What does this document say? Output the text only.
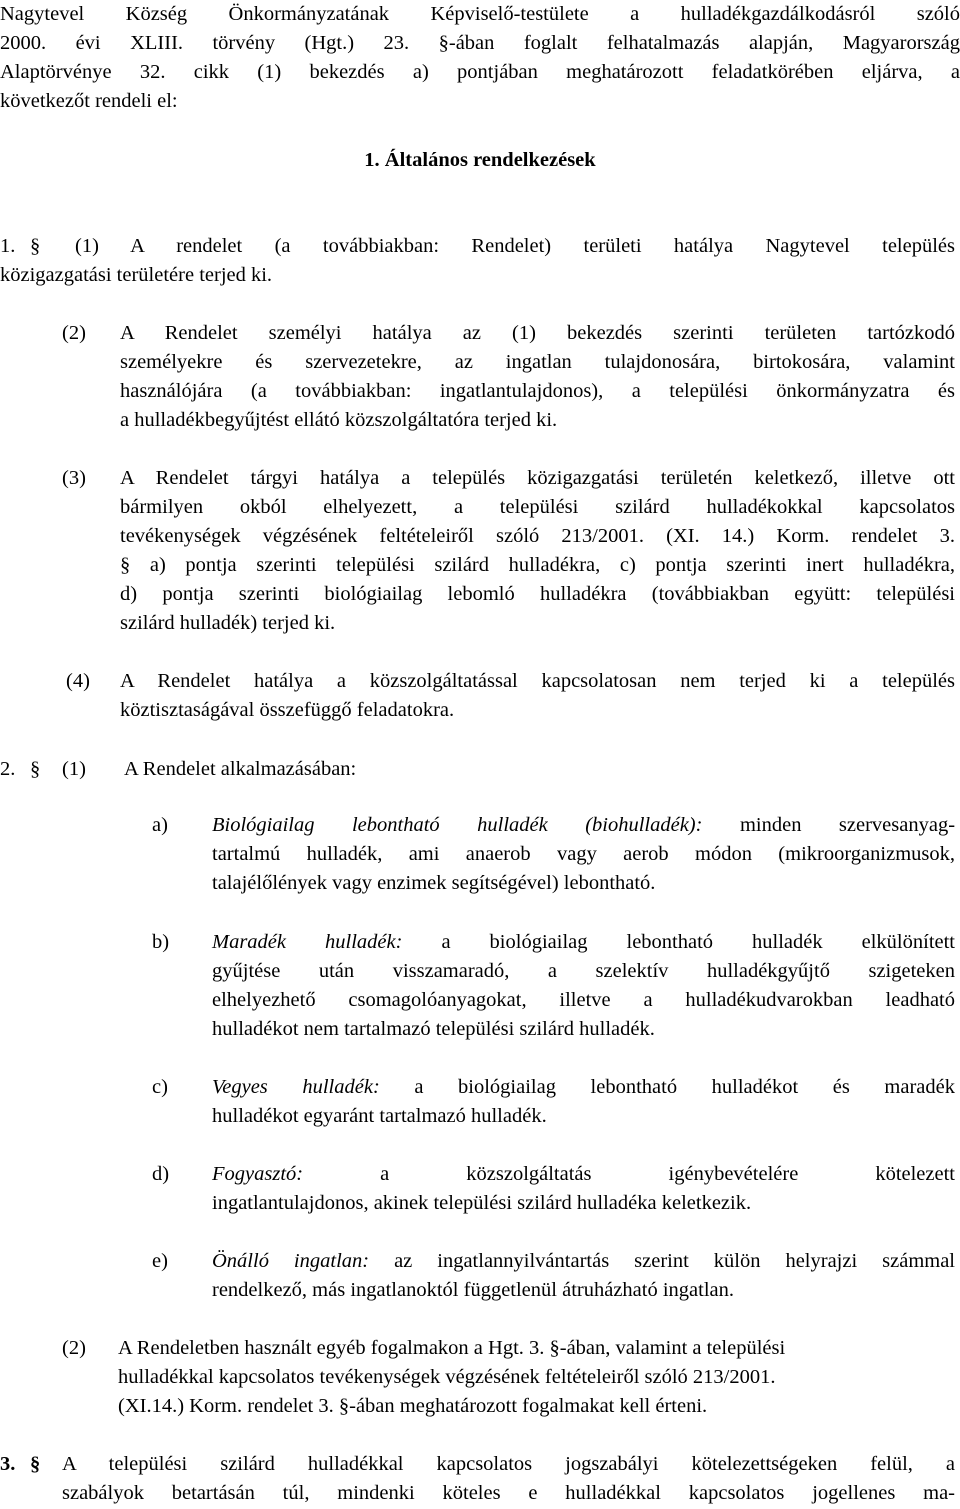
Nagytevel Község Önkormányzatának Képviselő-testülete a hulladékgazdálkodásról szóló
2000. évi XLIII. törvény (Hgt.) 23. §-ában foglalt felhatalmazás alapján, Magyarország
Alaptörvénye 32. cikk (1) bekezdés a) pontjában meghatározott feladatkörében eljárva, a
következőt rendeli el:
1. Általános rendelkezések
1. § (1) A rendelet (a továbbiakban: Rendelet) területi hatálya Nagytevel település
közigazgatási területére terjed ki.
(2) A Rendelet személyi hatálya az (1) bekezdés szerinti területen tartózkodó
személyekre és szervezetekre, az ingatlan tulajdonosára, birtokosára, valamint
használójára (a továbbiakban: ingatlantulajdonos), a települési önkormányzatra és
a hulladékbegyűjtést ellátó közszolgáltatóra terjed ki.
(3) A Rendelet tárgyi hatálya a település közigazgatási területén keletkező, illetve ott
bármilyen okból elhelyezett, a települési szilárd hulladékokkal kapcsolatos
tevékenységek végzésének feltételeiről szóló 213/2001. (XI. 14.) Korm. rendelet 3.
§ a) pontja szerinti települési szilárd hulladékra, c) pontja szerinti inert hulladékra,
d) pontja szerinti biológiailag lebomló hulladékra (továbbiakban együtt: települési
szilárd hulladék) terjed ki.
(4) A Rendelet hatálya a közszolgáltatással kapcsolatosan nem terjed ki a település
köztisztaságával összefüggő feladatokra.
2. § (1) A Rendelet alkalmazásában:
a) Biológiailag lebontható hulladék (biohulladék): minden szervesanyag-
tartalmú hulladék, ami anaerob vagy aerob módon (mikroorganizmusok,
talajélőlények vagy enzimek segítségével) lebontható.
b) Maradék hulladék: a biológiailag lebontható hulladék elkülönített
gyűjtése után visszamaradó, a szelektív hulladékgyűjtő szigeteken
elhelyezhető csomagolóanyagokat, illetve a hulladékudvarokban leadható
hulladékot nem tartalmazó települési szilárd hulladék.
c) Vegyes hulladék: a biológiailag lebontható hulladékot és maradék
hulladékot egyaránt tartalmazó hulladék.
d) Fogyasztó:	a közszolgáltatás igénybevételére kötelezett
ingatlantulajdonos, akinek települési szilárd hulladéka keletkezik.
e) Önálló ingatlan: az ingatlannyilvántartás szerint külön helyrajzi számmal
rendelkező, más ingatlanoktól függetlenül átruházható ingatlan.
(2) A Rendeletben használt egyéb fogalmakon a Hgt. 3. §-ában, valamint a települési
hulladékkal kapcsolatos tevékenységek végzésének feltételeiről szóló 213/2001.
(XI.14.) Korm. rendelet 3. §-ában meghatározott fogalmakat kell érteni.
3. § A települési szilárd hulladékkal kapcsolatos jogszabályi kötelezettségeken felül, a
szabályok betartásán túl, mindenki köteles e hulladékkal kapcsolatos jogellenes ma-
